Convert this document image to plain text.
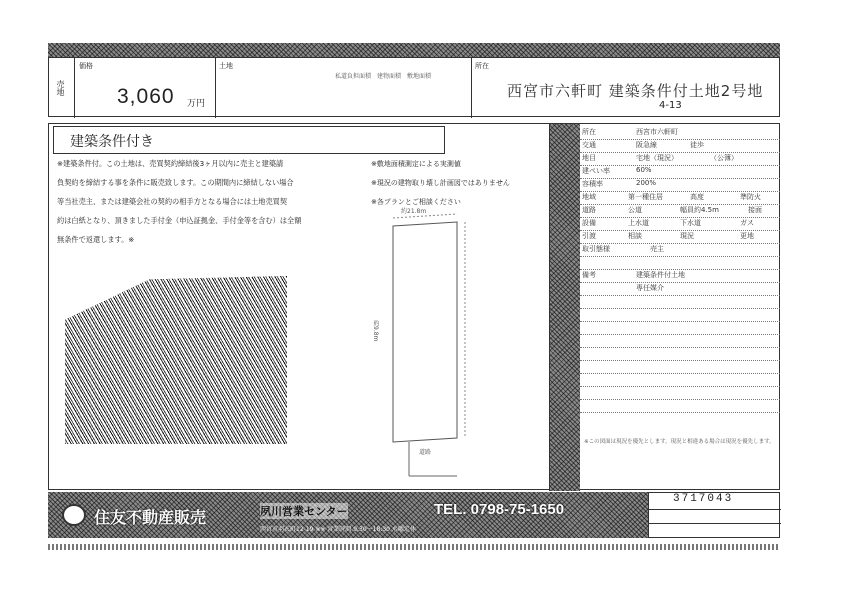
売地
価格
3,060 万円
土地
私道負担面積　建物面積　敷地面積
所在
西宮市六軒町 建築条件付土地2号地
4-13
建築条件付き
※建築条件付。この土地は、売買契約締結後3ヶ月以内に売主と建築請
負契約を締結する事を条件に販売致します。この期間内に締結しない場合
等当社売主、または建築会社の契約の相手方となる場合には土地売買契
約は白紙となり、頂きました手付金（申込証拠金、手付金等を含む）は全額
無条件で返還します。※
※敷地面積測定による実測値
※現況の建物取り壊し計画図ではありません
※各プランとご相談ください
約21.8m
約9.8m
道路
所在	西宮市六軒町
交通	阪急線	徒歩
地目	宅地（現況）	（公簿）
建ぺい率	60%
容積率	200%
地域	第一種住居	高度	準防火
道路	公道	幅員約4.5m	接面
設備	上水道	下水道	ガス
引渡	相談	現況	更地
取引態様	売主
備考	建築条件付土地
専任媒介
※この図面は現況を優先とします。現況と相違ある場合は現況を優先します。
住友不動産販売	夙川営業センター	TEL. 0798-75-1650
西宮市羽衣町12-19 ※※ 営業時間 9:30〜18:30 水曜定休
3717043
